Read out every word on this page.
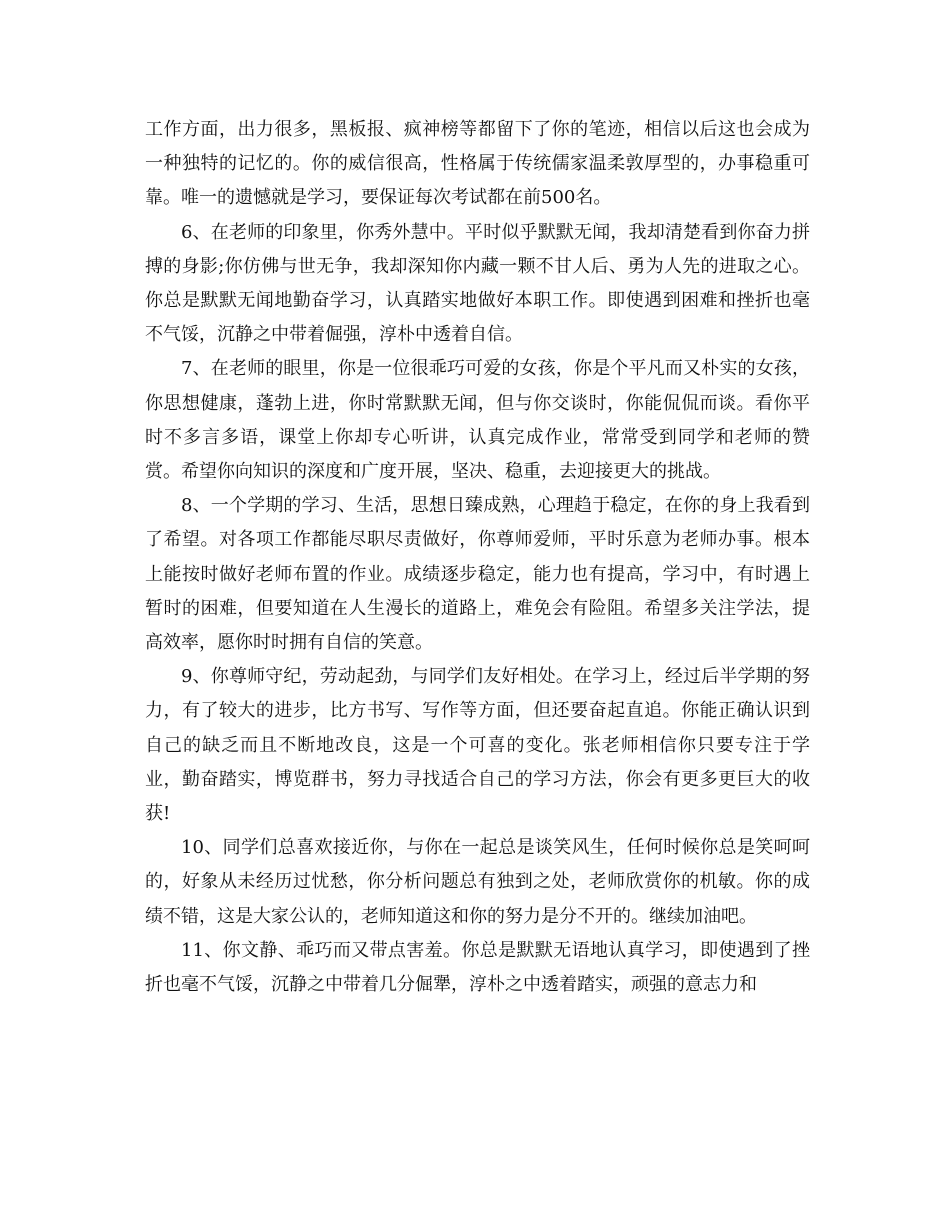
工作方面，出力很多，黑板报、疯神榜等都留下了你的笔迹，相信以后这也会成为一种独特的记忆的。你的威信很高，性格属于传统儒家温柔敦厚型的，办事稳重可靠。唯一的遗憾就是学习，要保证每次考试都在前500名。

6、在老师的印象里，你秀外慧中。平时似乎默默无闻，我却清楚看到你奋力拼搏的身影;你仿佛与世无争，我却深知你内藏一颗不甘人后、勇为人先的进取之心。你总是默默无闻地勤奋学习，认真踏实地做好本职工作。即使遇到困难和挫折也毫不气馁，沉静之中带着倔强，淳朴中透着自信。

7、在老师的眼里，你是一位很乖巧可爱的女孩，你是个平凡而又朴实的女孩，你思想健康，蓬勃上进，你时常默默无闻，但与你交谈时，你能侃侃而谈。看你平时不多言多语，课堂上你却专心听讲，认真完成作业，常常受到同学和老师的赞赏。希望你向知识的深度和广度开展，坚决、稳重，去迎接更大的挑战。

8、一个学期的学习、生活，思想日臻成熟，心理趋于稳定，在你的身上我看到了希望。对各项工作都能尽职尽责做好，你尊师爱师，平时乐意为老师办事。根本上能按时做好老师布置的作业。成绩逐步稳定，能力也有提高，学习中，有时遇上暂时的困难，但要知道在人生漫长的道路上，难免会有险阻。希望多关注学法，提高效率，愿你时时拥有自信的笑意。

9、你尊师守纪，劳动起劲，与同学们友好相处。在学习上，经过后半学期的努力，有了较大的进步，比方书写、写作等方面，但还要奋起直追。你能正确认识到自己的缺乏而且不断地改良，这是一个可喜的变化。张老师相信你只要专注于学业，勤奋踏实，博览群书，努力寻找适合自己的学习方法，你会有更多更巨大的收获!

10、同学们总喜欢接近你，与你在一起总是谈笑风生，任何时候你总是笑呵呵的，好象从未经历过忧愁，你分析问题总有独到之处，老师欣赏你的机敏。你的成绩不错，这是大家公认的，老师知道这和你的努力是分不开的。继续加油吧。

11、你文静、乖巧而又带点害羞。你总是默默无语地认真学习，即使遇到了挫折也毫不气馁，沉静之中带着几分倔犟，淳朴之中透着踏实，顽强的意志力和
